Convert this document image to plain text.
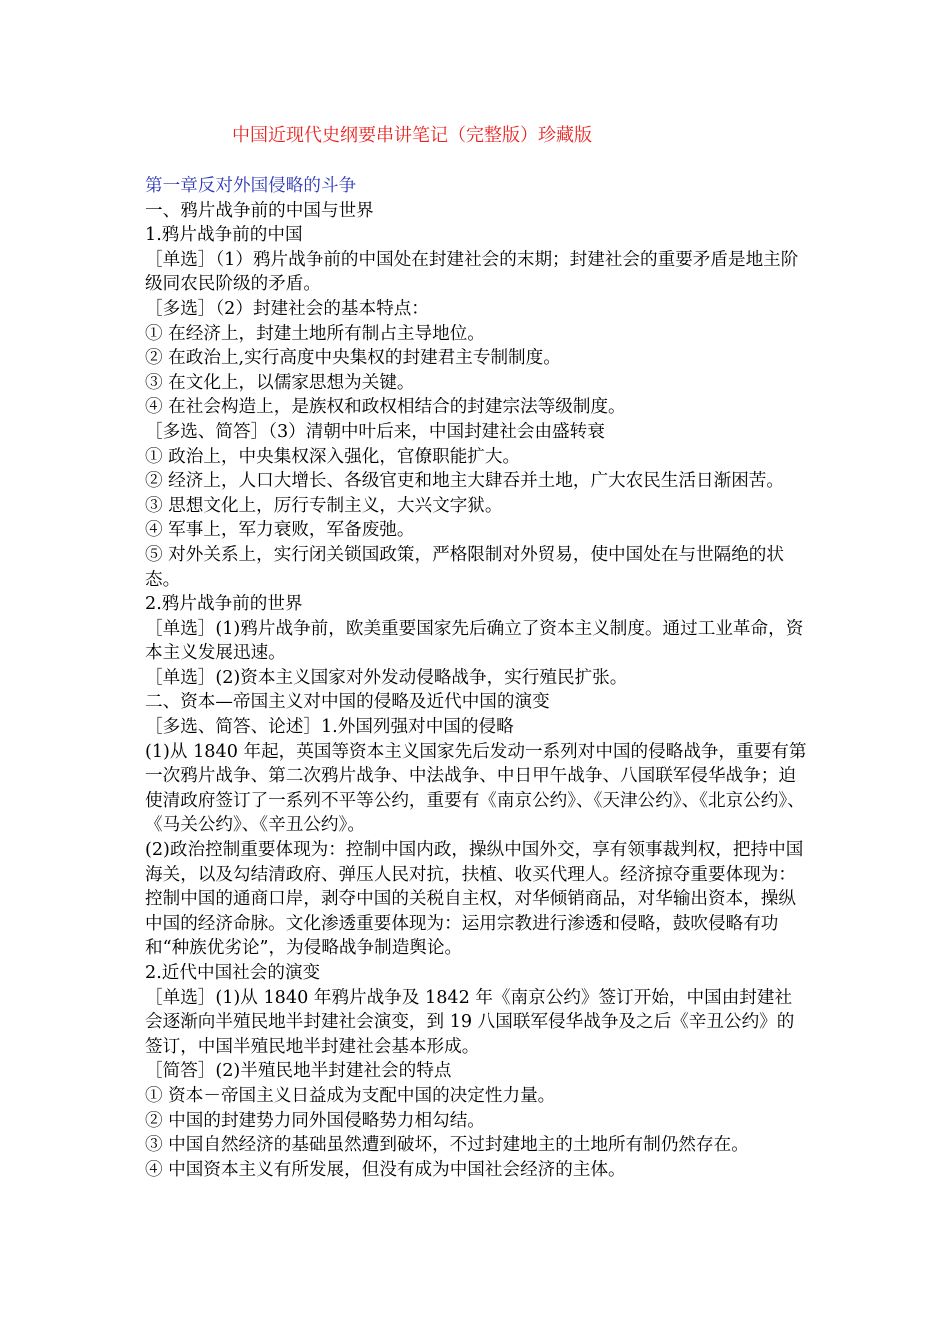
中国近现代史纲要串讲笔记（完整版）珍藏版

第一章反对外国侵略的斗争

一、鸦片战争前的中国与世界

1.鸦片战争前的中国

［单选］（1）鸦片战争前的中国处在封建社会的末期；封建社会的重要矛盾是地主阶级同农民阶级的矛盾。

［多选］（2）封建社会的基本特点：

① 在经济上，封建土地所有制占主导地位。

② 在政治上,实行高度中央集权的封建君主专制制度。

③ 在文化上，以儒家思想为关键。

④ 在社会构造上，是族权和政权相结合的封建宗法等级制度。

［多选、简答］（3）清朝中叶后来，中国封建社会由盛转衰

① 政治上，中央集权深入强化，官僚职能扩大。

② 经济上，人口大增长、各级官吏和地主大肆吞并土地，广大农民生活日渐困苦。

③ 思想文化上，厉行专制主义，大兴文字狱。

④ 军事上，军力衰败，军备废弛。

⑤ 对外关系上，实行闭关锁国政策，严格限制对外贸易，使中国处在与世隔绝的状态。

2.鸦片战争前的世界

［单选］(1)鸦片战争前，欧美重要国家先后确立了资本主义制度。通过工业革命，资本主义发展迅速。

［单选］(2)资本主义国家对外发动侵略战争，实行殖民扩张。

二、资本—帝国主义对中国的侵略及近代中国的演变

［多选、简答、论述］1.外国列强对中国的侵略

(1)从 1840 年起，英国等资本主义国家先后发动一系列对中国的侵略战争，重要有第一次鸦片战争、第二次鸦片战争、中法战争、中日甲午战争、八国联军侵华战争；迫使清政府签订了一系列不平等公约，重要有《南京公约》、《天津公约》、《北京公约》、《马关公约》、《辛丑公约》。

(2)政治控制重要体现为：控制中国内政，操纵中国外交，享有领事裁判权，把持中国海关，以及勾结清政府、弹压人民对抗，扶植、收买代理人。经济掠夺重要体现为：控制中国的通商口岸，剥夺中国的关税自主权，对华倾销商品，对华输出资本，操纵中国的经济命脉。文化渗透重要体现为：运用宗教进行渗透和侵略，鼓吹侵略有功和“种族优劣论”，为侵略战争制造舆论。

2.近代中国社会的演变

［单选］(1)从 1840 年鸦片战争及 1842 年《南京公约》签订开始，中国由封建社会逐渐向半殖民地半封建社会演变，到 19 八国联军侵华战争及之后《辛丑公约》的签订，中国半殖民地半封建社会基本形成。

［简答］(2)半殖民地半封建社会的特点

① 资本－帝国主义日益成为支配中国的决定性力量。

② 中国的封建势力同外国侵略势力相勾结。

③ 中国自然经济的基础虽然遭到破坏，不过封建地主的土地所有制仍然存在。

④ 中国资本主义有所发展，但没有成为中国社会经济的主体。
